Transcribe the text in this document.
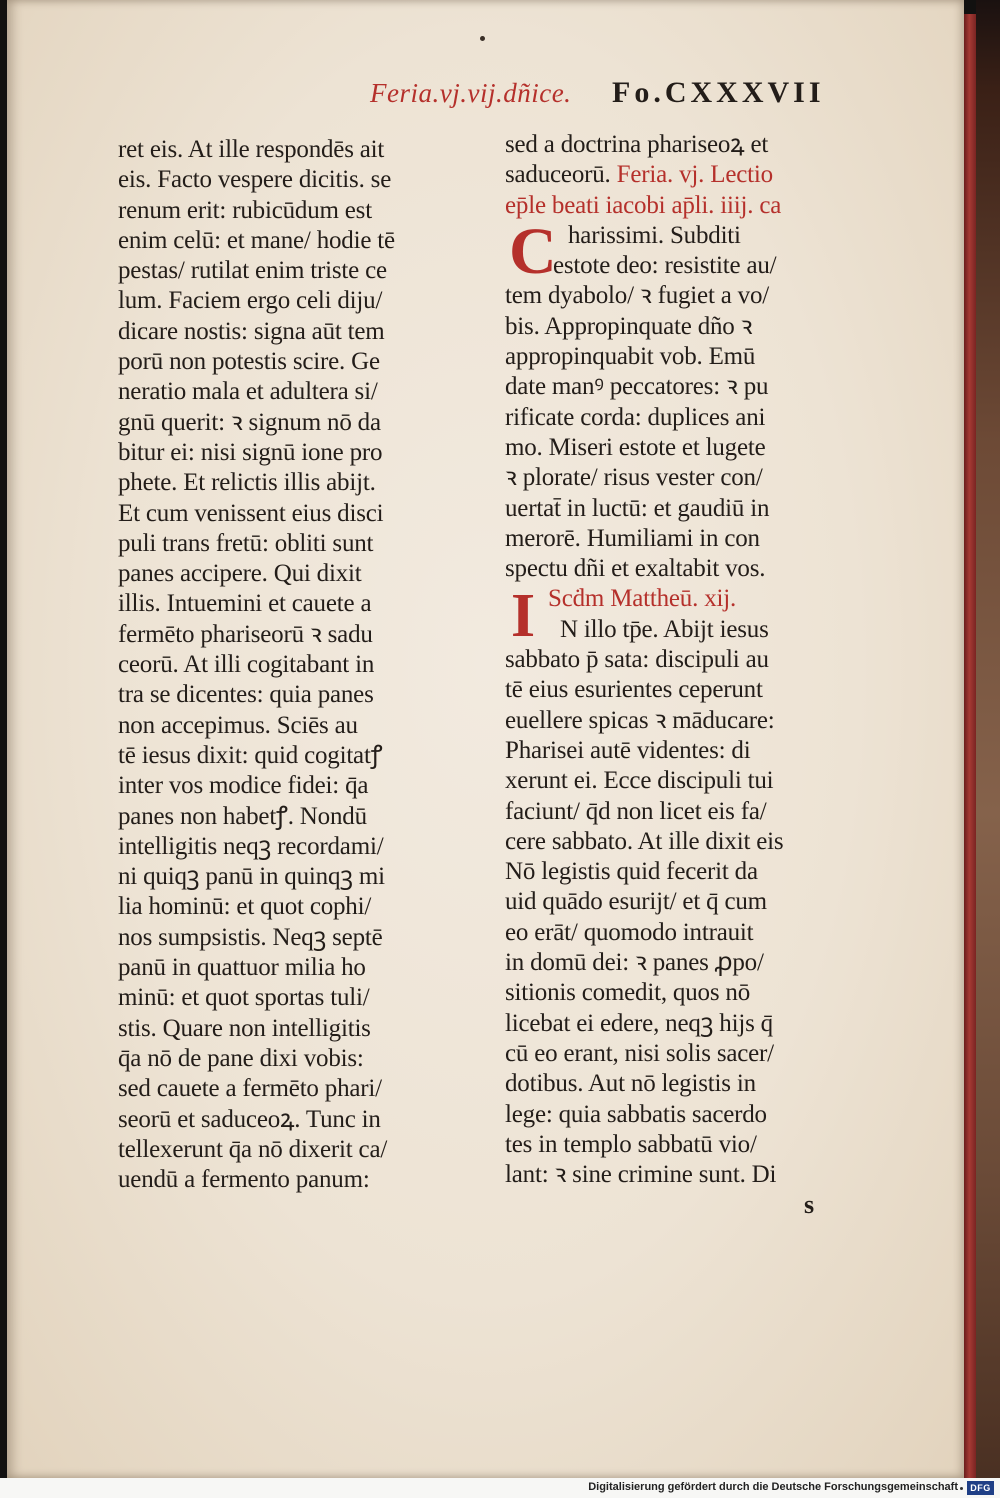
Feria.vj.vij.dñice. Fo.CXXXVII
ret eis. At ille respondēs ait
eis. Facto vespere dicitis. se
renum erit: rubicūdum est
enim celū: et mane/ hodie tē
pestas/ rutilat enim triste ce
lum. Faciem ergo celi diju/
dicare nostis: signa aūt tem
porū non potestis scire. Ge
neratio mala et adultera si/
gnū querit: ꝛ signum nō da
bitur ei: nisi signū ione pro
phete. Et relictis illis abijt.
Et cum venissent eius disci
puli trans fretū: obliti sunt
panes accipere. Qui dixit
illis. Intuemini et cauete a
fermēto phariseorū ꝛ sadu
ceorū. At illi cogitabant in
tra se dicentes: quia panes
non accepimus. Sciēs au
tē iesus dixit: quid cogitatꝭ
inter vos modice fidei: q̄a
panes non habetꝭ. Nondū
intelligitis neqꝫ recordami/
ni quiqꝫ panū in quinqꝫ mi
lia hominū: et quot cophi/
nos sumpsistis. Neqꝫ septē
panū in quattuor milia ho
minū: et quot sportas tuli/
stis. Quare non intelligitis
q̄a nō de pane dixi vobis:
sed cauete a fermēto phari/
seorū et saduceoꝝ. Tunc in
tellexerunt q̄a nō dixerit ca/
uendū a fermento panum:
sed a doctrina phariseoꝝ et
saduceorū. Feria. vj. Lectio
ep̄le beati iacobi ap̄li. iiij. ca
C harissimi. Subditi
estote deo: resistite au/
tem dyabolo/ ꝛ fugiet a vo/
bis. Appropinquate dño ꝛ
appropinquabit vob. Emū
date manꝰ peccatores: ꝛ pu
rificate corda: duplices ani
mo. Miseri estote et lugete
ꝛ plorate/ risus vester con/
uertat̄ in luctū: et gaudiū in
merorē. Humiliami in con
spectu dñi et exaltabit vos.
I Scḋm Mattheū. xij.
N illo tp̄e. Abijt iesus
sabbato p̄ sata: discipuli au
tē eius esurientes ceperunt
euellere spicas ꝛ māducare:
Pharisei autē videntes: di
xerunt ei. Ecce discipuli tui
faciunt/ q̄d non licet eis fa/
cere sabbato. At ille dixit eis
Nō legistis quid fecerit da
uid quādo esurijt/ et q̄ cum
eo erāt/ quomodo intrauit
in domū dei: ꝛ panes ꝓpo/
sitionis comedit, quos nō
licebat ei edere, neqꝫ hijs q̄
cū eo erant, nisi solis sacer/
dotibus. Aut nō legistis in
lege: quia sabbatis sacerdo
tes in templo sabbatū vio/
lant: ꝛ sine crimine sunt. Di
s
Digitalisierung gefördert durch die Deutsche Forschungsgemeinschaft	DFG
